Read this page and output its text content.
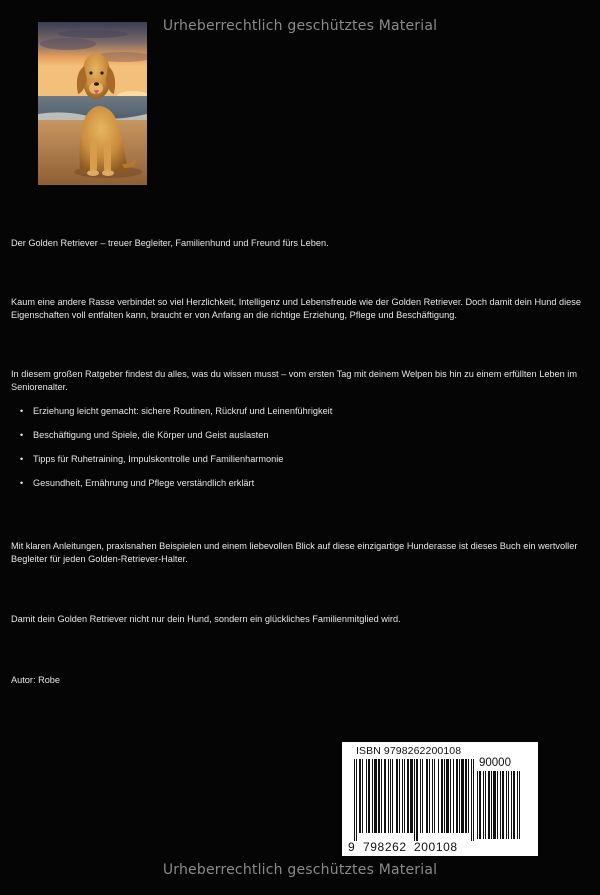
Urheberrechtlich geschütztes Material
Der Golden Retriever – treuer Begleiter, Familienhund und Freund fürs Leben.
Kaum eine andere Rasse verbindet so viel Herzlichkeit, Intelligenz und Lebensfreude wie der Golden Retriever. Doch damit dein Hund diese Eigenschaften voll entfalten kann, braucht er von Anfang an die richtige Erziehung, Pflege und Beschäftigung.
In diesem großen Ratgeber findest du alles, was du wissen musst – vom ersten Tag mit deinem Welpen bis hin zu einem erfüllten Leben im Seniorenalter.
• Erziehung leicht gemacht: sichere Routinen, Rückruf und Leinenführigkeit
• Beschäftigung und Spiele, die Körper und Geist auslasten
• Tipps für Ruhetraining, Impulskontrolle und Familienharmonie
• Gesundheit, Ernährung und Pflege verständlich erklärt
Mit klaren Anleitungen, praxisnahen Beispielen und einem liebevollen Blick auf diese einzigartige Hunderasse ist dieses Buch ein wertvoller Begleiter für jeden Golden-Retriever-Halter.
Damit dein Golden Retriever nicht nur dein Hund, sondern ein glückliches Familienmitglied wird.
Autor: Robe
ISBN 9798262200108
90000
9 798262 200108
Urheberrechtlich geschütztes Material
